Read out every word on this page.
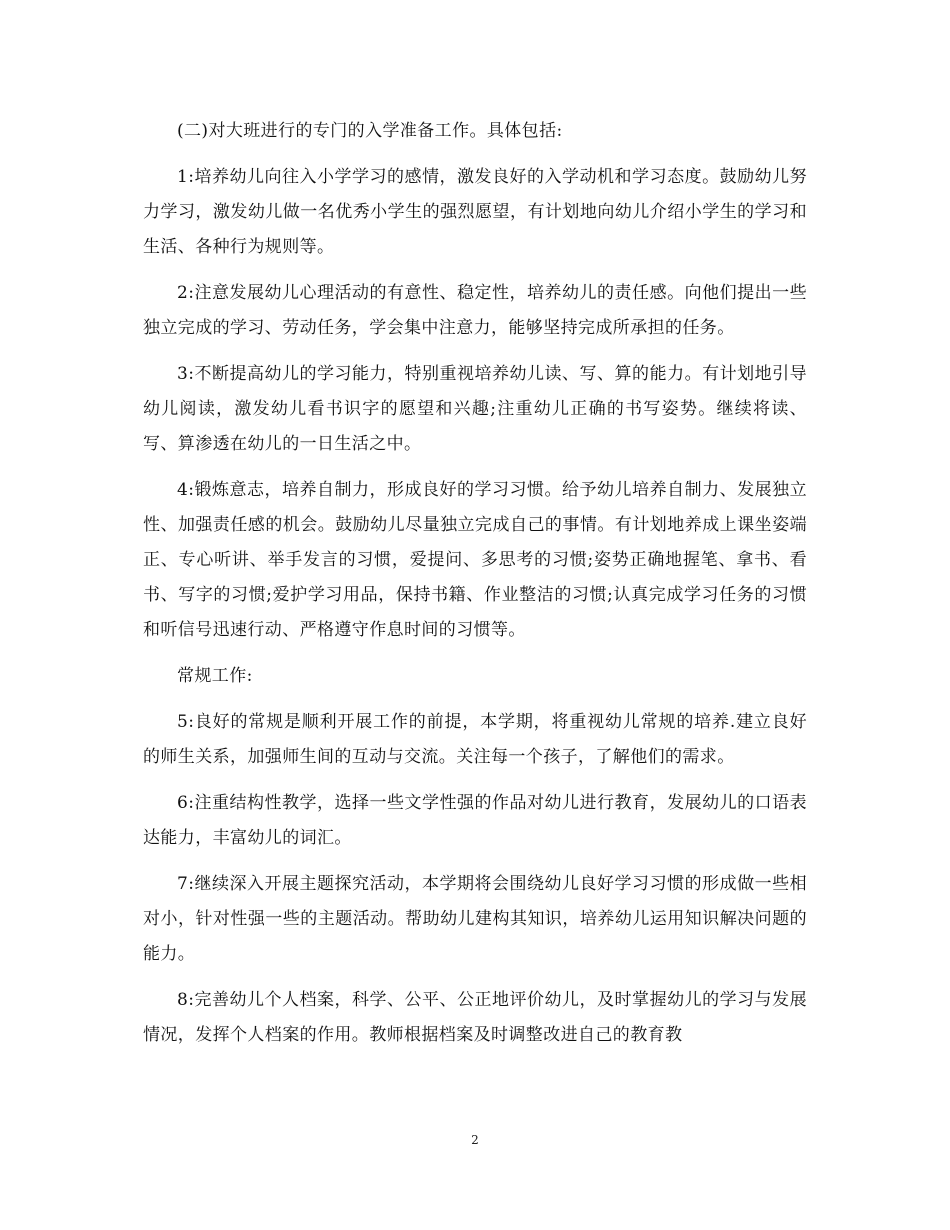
(二)对大班进行的专门的入学准备工作。具体包括:

1:培养幼儿向往入小学学习的感情，激发良好的入学动机和学习态度。鼓励幼儿努力学习，激发幼儿做一名优秀小学生的强烈愿望，有计划地向幼儿介绍小学生的学习和生活、各种行为规则等。

2:注意发展幼儿心理活动的有意性、稳定性，培养幼儿的责任感。向他们提出一些独立完成的学习、劳动任务，学会集中注意力，能够坚持完成所承担的任务。

3:不断提高幼儿的学习能力，特别重视培养幼儿读、写、算的能力。有计划地引导幼儿阅读，激发幼儿看书识字的愿望和兴趣;注重幼儿正确的书写姿势。继续将读、写、算渗透在幼儿的一日生活之中。

4:锻炼意志，培养自制力，形成良好的学习习惯。给予幼儿培养自制力、发展独立性、加强责任感的机会。鼓励幼儿尽量独立完成自己的事情。有计划地养成上课坐姿端正、专心听讲、举手发言的习惯，爱提问、多思考的习惯;姿势正确地握笔、拿书、看书、写字的习惯;爱护学习用品，保持书籍、作业整洁的习惯;认真完成学习任务的习惯和听信号迅速行动、严格遵守作息时间的习惯等。

常规工作:

5:良好的常规是顺利开展工作的前提，本学期，将重视幼儿常规的培养.建立良好的师生关系，加强师生间的互动与交流。关注每一个孩子，了解他们的需求。

6:注重结构性教学，选择一些文学性强的作品对幼儿进行教育，发展幼儿的口语表达能力，丰富幼儿的词汇。

7:继续深入开展主题探究活动，本学期将会围绕幼儿良好学习习惯的形成做一些相对小，针对性强一些的主题活动。帮助幼儿建构其知识，培养幼儿运用知识解决问题的能力。

8:完善幼儿个人档案，科学、公平、公正地评价幼儿，及时掌握幼儿的学习与发展情况，发挥个人档案的作用。教师根据档案及时调整改进自己的教育教

2
